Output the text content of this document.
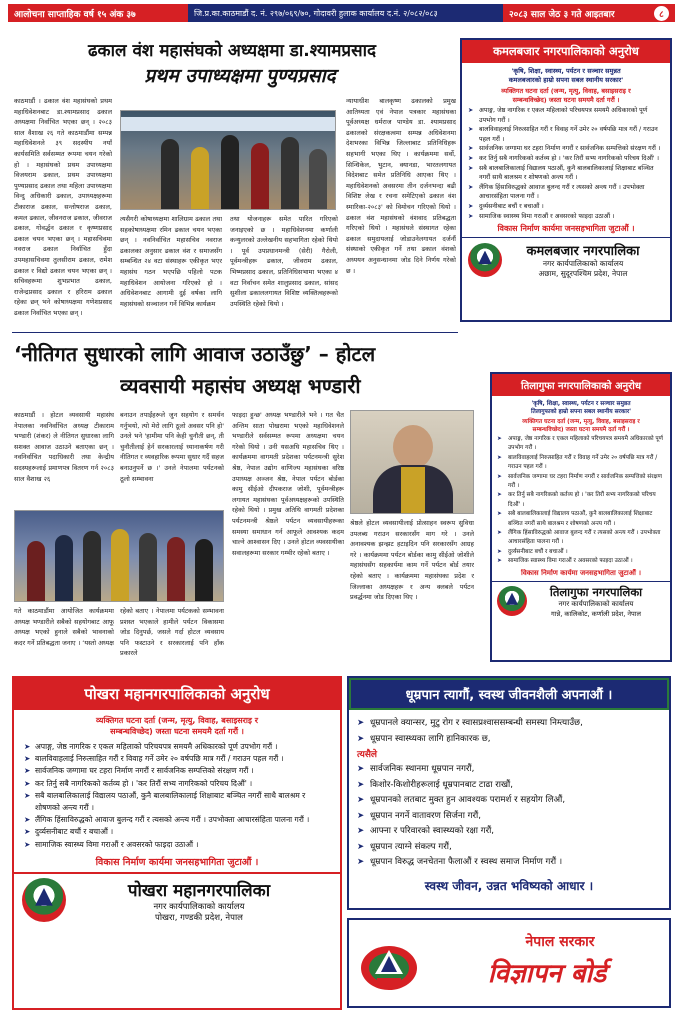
आलोचना साप्ताहिक वर्ष १५ अंक ३७	जि.प्र.का.काठमाडौं द. नं. २९७/०६९/७०, गोदावरी हुलाक कार्यालय द.नं. २/०८२/०८३	२०८३ साल जेठ ३ गते आइतबार	८
ढकाल वंश महासंघको अध्यक्षमा डा.श्यामप्रसाद
प्रथम उपाध्यक्षमा पुण्यप्रसाद
काठमाडौं । ढकाल वंश महासंघको प्रथम महाधिवेशनबाट डा.श्यामप्रसाद ढकाल अध्यक्षमा निर्वाचित भएका छन् । २०८३ साल वैशाख २६ गते काठमाडौंमा सम्पन्न महाधिवेशनले ३९ सदस्यीय नयाँ कार्यसमिति सर्वसम्मत रूपमा चयन गरेको हो । महासंघको प्रथम उपाध्यक्षमा विजयराम ढकाल, प्रथम उपाध्यक्षमा पुण्यप्रसाद ढकाल तथा महिला उपाध्यक्षमा विन्दु अधिकारी ढकाल, उपाध्यक्षहरूमा टीकाराज ढकाल, सन्तोषराज ढकाल, कमल ढकाल, जीवनराज ढकाल, जीवराज ढकाल, गोवर्द्धन ढकाल र कृष्णप्रसाद ढकाल चयन भएका छन् । महासचिवमा नवराज ढकाल निर्वाचित हुँदा उपमहासचिवमा तुलसीराम ढकाल, रामेश ढकाल र विद्यो ढकाल चयन भएका छन् । सचिवहरूमा शुभप्रभात ढकाल, राजेन्द्रप्रसाद ढकाल र हरिराम ढकाल रहेका छन् भने कोषाध्यक्षमा गणेशप्रसाद ढकाल निर्वाचित भएका छन् ।
त्यसैगरी कोषाध्यक्षमा शालिग्राम ढकाल तथा सहकोषाध्यक्षमा रमिन ढकाल चयन भएका छन् । नवनिर्वाचित महासचिव नवराज ढकालका अनुसार ढकाल वंश र समाजसँग सम्बन्धित २४ वटा संस्थाहरू एकीकृत भएर महासंघ गठन भएपछि पहिलो पटक महाधिवेशन आयोजना गरिएको हो । अधिवेशनबाट आगामी दुई वर्षका लागि महासंघको सञ्चालन गर्ने विभिन्न कार्यक्रम
तथा योजनाहरू समेत पारित गरिएको जनाइएको छ । महाधिवेशनमा कर्णाली कन्युलरको उल्लेखनीय सहभागिता रहेको थियो । पूर्व उपप्रधानमन्त्री (सेरी) गैरोली, पूर्वमन्त्रीहरू ढकाल, जीवराम ढकाल, भिष्मप्रसाद ढकाल, प्रतिनिधिसभामा भएका ४ वटा निर्वाचन समेत शालुप्रसाद ढकाल, सांसद सुशीला ढकाललगायत विशिष्ट व्यक्तित्वहरूको उपस्थिति रहेको थियो ।
न्यायाधीश बालकृष्ण ढकालको प्रमुख आतिथ्यता एवं नेपाल पत्रकार महासंघका पूर्वअध्यक्ष धर्मराज पाण्डेय डा. श्यामप्रसाद ढकालको संरक्षकत्वमा सम्पन्न अधिवेशनमा देशभरका विभिन्न जिल्लाबाट प्रतिनिधिहरू सहभागी भएका थिए । कार्यक्रममा सर्वो, सिन्धिकेल, भुटान, क्यानडा, भारतलगायत विदेशबाट समेत प्रतिनिधि आएका थिए । महाधिवेशनको अवसरमा तीन दर्जनभन्दा बढी विशिष्ट लेख र रचना समेटिएको ढकाल वंश स्मारिका-२०८३' को विमोचन गरिएको थियो । ढकाल वंश महासंघको वंशवाद प्रतिबद्धता गरिएको थियो । महासंघले संस्थागत रहेका ढकाल समुदायलाई जोडाउनेलगायत दर्जनौं संस्थाको एकीकृत गर्ने तथा ढकाल वंशको अध्ययन अनुसन्धानमा जोड दिने निर्णय गरेको छ ।
‘नीतिगत सुधारको लागि आवाज उठाउँछु’ – होटल
व्यवसायी महासंघ अध्यक्ष भण्डारी
काठमाडौं । होटल व्यवसायी महासंघ नेपालका नवनिर्वाचित अध्यक्ष टीकाराम भण्डारी (शंकर) ले नीतिगत सुधारका लागि सशक्त आवाज उठाउने बताएका छन् । नवनिर्वाचित पदाधिकारी तथा केन्द्रीय सदस्यहरूलाई प्रमाणपत्र वितरण गर्न २०८३ साल वैशाख २६
गते काठमाडौंमा आयोजित कार्यक्रममा अध्यक्ष भण्डारीले सबैको सहयोगबाट आफू अध्यक्ष भएको हुनाले सबैको भावनाको कदर गर्ने प्रतिबद्धता जनाए । ‘यस्तो अध्यक्ष
बनाउन तपाईंहरूले जुन सहयोग र समर्थन गर्नुभयो, त्यो मेरो लागि ठूलो अवसर पनि हो' उनले भने 'हामीमा पनि केही चुनौती छन्, ती चुनौतीलाई हेर्न सरकारलाई ध्यानाकर्षण गरी नीतिगत र व्यवहारिक रूपमा सुधार गर्दै सहज बनाउनुपर्ने छ ।' उनले नेपालमा पर्यटनको ठूलो सम्भावना
रहेको बताए । नेपालमा पर्यटकको सम्भावना प्रशस्त भएकाले हामीले पर्यटन विकासमा जोड दिनुपर्छ, जसले गर्दा होटल व्यवसाय पनि फस्टाउने र सरकारलाई पनि हाँक प्रकारले
फाइदा हुन्छ' अध्यक्ष भण्डारीले भने । गत चैत अन्तिम साता पोखरामा भएको महाधिवेशनले भण्डारीले सर्वसम्मत रूपमा अध्यक्षमा चयन गरेको थियो । उनी यसअघि महासचिव थिए । कार्यक्रममा वागमती प्रदेशका पर्यटनमन्त्री सुरेश श्रेष्ठ, नेपाल उद्योग वाणिज्य महासंघका वरिष्ठ उपाध्यक्ष अञ्जन श्रेष्ठ, नेपाल पर्यटन बोर्डका कामु सीईओ दीपकराज जोशी, पूर्वमन्त्रीहरू लगायत महासंघका पूर्वअध्यक्षहरूको उपस्थिति रहेको थियो । प्रमुख अतिथि वागमती प्रदेशका पर्यटनमन्त्री श्रेष्ठले पर्यटन व्यवसायीहरूका समस्या समाधान गर्न आफूले आवश्यक कदम चाल्ने आश्वासन दिए । उनले होटल व्यवसायीका सवालहरूमा सरकार गम्भीर रहेको बताए ।
श्रेष्ठले होटल व्यवसायीलाई प्रोत्साहन स्वरूप सुविधा उपलब्ध गराउन सरकारसँग माग गरे । उनले अनावश्यक झन्झट हटाइदिन पनि सरकारसँग आग्रह गरे । कार्यक्रममा पर्यटन बोर्डका कामु सीईओ जोशीले महासंघसँग सहकार्यमा काम गर्ने पर्यटन बोर्ड तयार रहेको बताए । कार्यक्रममा महासंघका प्रदेश र जिल्लाका अध्यक्षहरू र अन्य क्लबले पर्यटन प्रवर्द्धनमा जोड दिएका थिए ।
कमलबजार नगरपालिकाको अनुरोध
'कृषि, शिक्षा, स्वास्थ्य, पर्यटन र सञ्चार समुन्नत
कमलबजारको हाम्रो सपना सबल स्थानीय सरकार'
व्यक्तिगत घटना दर्ता (जन्म, मृत्यु, विवाह, बसाइसराइ र
सम्बन्धविच्छेद) जस्ता घटना समयमै दर्ता गरौं ।
➤ अपाङ्ग, जेष्ठ नागरिक र एकल महिलाको परिचयपत्र समयमै अधिकारको पूर्ण उपभोग गरौं ।
➤ बालविवाहलाई निरुत्साहित गरौं र विवाह गर्ने उमेर २० वर्षपछि मात्र गरौं / गराउन पहल गरौं ।
➤ सार्वजनिक जग्गामा घर टहरा निर्माण नगरौं र सार्वजनिक सम्पत्तिको संरक्षण गरौं ।
➤ कर तिर्नु सबै नागरिकको कर्तव्य हो । 'कर तिरौं सभ्य नागरिकको परिचय दिऔं' ।
➤ सबै बालबालिकालाई विद्यालय पठाऔं, कुनै बालबालिकालाई शिक्षाबाट बञ्चित नगरौं साथै बालश्रम र शोषणको अन्त्य गरौं ।
➤ लैंगिक हिंसाविरुद्धको आवाज बुलन्द गरौं र त्यसको अन्त्य गरौं । उपभोक्ता आचारसंहिता पालना गरौं ।
➤ दुर्व्यसनीबाट बचौं र बचाऔं ।
➤ सामाजिक स्वास्थ्य विमा गराऔं र अवसरको फाइदा उठाऔं ।
विकास निर्माण कार्यमा जनसहभागिता जुटाऔं ।
कमलबजार नगरपालिका
नगर कार्यपालिकाको कार्यालय
अछाम, सुदूरपश्चिम प्रदेश, नेपाल
तिलागुफा नगरपालिकाको अनुरोध
'कृषि, शिक्षा, स्वास्थ्य, पर्यटन र सञ्चार समुन्नत
तिलागुफाको हाम्रो सपना सबल स्थानीय सरकार'
व्यक्तिगत घटना दर्ता (जन्म, मृत्यु, विवाह, बसाइसराइ र
सम्बन्धविच्छेद) जस्ता घटना समयमै दर्ता गरौं ।
➤ अपाङ्ग, जेष्ठ नागरिक र एकल महिलाको परिचयपत्र समयमै अधिकारको पूर्ण उपभोग गरौं ।
➤ बालविवाहलाई निरुत्साहित गरौं र विवाह गर्ने उमेर २० वर्षपछि मात्र गरौं / गराउन पहल गरौं ।
➤ सार्वजनिक जग्गामा घर टहरा निर्माण नगरौं र सार्वजनिक सम्पत्तिको संरक्षण गरौं ।
➤ कर तिर्नु सबै नागरिकको कर्तव्य हो । 'कर तिरौं सभ्य नागरिकको परिचय दिऔं' ।
➤ सबै बालबालिकालाई विद्यालय पठाऔं, कुनै बालबालिकालाई शिक्षाबाट बञ्चित नगरौं साथै बालश्रम र शोषणको अन्त्य गरौं ।
➤ लैंगिक हिंसाविरुद्धको आवाज बुलन्द गरौं र त्यसको अन्त्य गरौं । उपभोक्ता आचारसंहिता पालना गरौं ।
➤ दुर्व्यसनीबाट बचौं र बचाऔं ।
➤ सामाजिक स्वास्थ्य विमा गराऔं र अवसरको फाइदा उठाऔं ।
विकास निर्माण कार्यमा जनसहभागिता जुटाऔं ।
तिलागुफा नगरपालिका
नगर कार्यपालिकाको कार्यालय
गान्ने, कालिकोट, कर्णाली प्रदेश, नेपाल
पोखरा महानगरपालिकाको अनुरोध
व्यक्तिगत घटना दर्ता (जन्म, मृत्यु, विवाह, बसाइसराइ र
सम्बन्धविच्छेद) जस्ता घटना समयमै दर्ता गरौं ।
➤ अपाङ्ग, जेष्ठ नागरिक र एकल महिलाको परिचयपत्र समयमै अधिकारको पूर्ण उपभोग गरौं ।
➤ बालविवाहलाई निरुत्साहित गरौं र विवाह गर्ने उमेर २० वर्षपछि मात्र गरौं / गराउन पहल गरौं ।
➤ सार्वजनिक जग्गामा घर टहरा निर्माण नगरौं र सार्वजनिक सम्पत्तिको संरक्षण गरौं ।
➤ कर तिर्नु सबै नागरिकको कर्तव्य हो । 'कर तिरौं सभ्य नागरिकको परिचय दिऔं' ।
➤ सबै बालबालिकालाई विद्यालय पठाऔं, कुनै बालबालिकालाई शिक्षाबाट बञ्चित नगरौं साथै बालश्रम र शोषणको अन्त्य गरौं ।
➤ लैंगिक हिंसाविरुद्धको आवाज बुलन्द गरौं र त्यसको अन्त्य गरौं । उपभोक्ता आचारसंहिता पालना गरौं ।
➤ दुर्व्यसनीबाट बचौं र बचाऔं ।
➤ सामाजिक स्वास्थ्य विमा गराऔं र अवसरको फाइदा उठाऔं ।
विकास निर्माण कार्यमा जनसहभागिता जुटाऔं ।
पोखरा महानगरपालिका
नगर कार्यपालिकाको कार्यालय
पोखरा, गण्डकी प्रदेश, नेपाल
धूम्रपान त्यागौं, स्वस्थ जीवनशैली अपनाऔं ।
➤ धूम्रपानले क्यान्सर, मुटु रोग र स्वासप्रश्वाससम्बन्धी समस्या निम्त्याउँछ,
➤ धूम्रपान स्वास्थ्यका लागि हानिकारक छ,
त्यसैले
➤ सार्वजनिक स्थानमा धूम्रपान नगरौं,
➤ किशोर-किशोरीहरूलाई धूम्रपानबाट टाढा राखौं,
➤ धूम्रपानको लतबाट मुक्त हुन आवश्यक परामर्श र सहयोग लिऔं,
➤ धूम्रपान नगर्ने वातावरण सिर्जना गरौं,
➤ आफ्ना र परिवारको स्वास्थ्यको रक्षा गरौं,
➤ धूम्रपान त्याग्ने संकल्प गरौं,
➤ धूम्रपान विरुद्ध जनचेतना फैलाऔं र स्वस्थ समाज निर्माण गरौं ।
स्वस्थ जीवन, उन्नत भविष्यको आधार ।
नेपाल सरकार
विज्ञापन बोर्ड
